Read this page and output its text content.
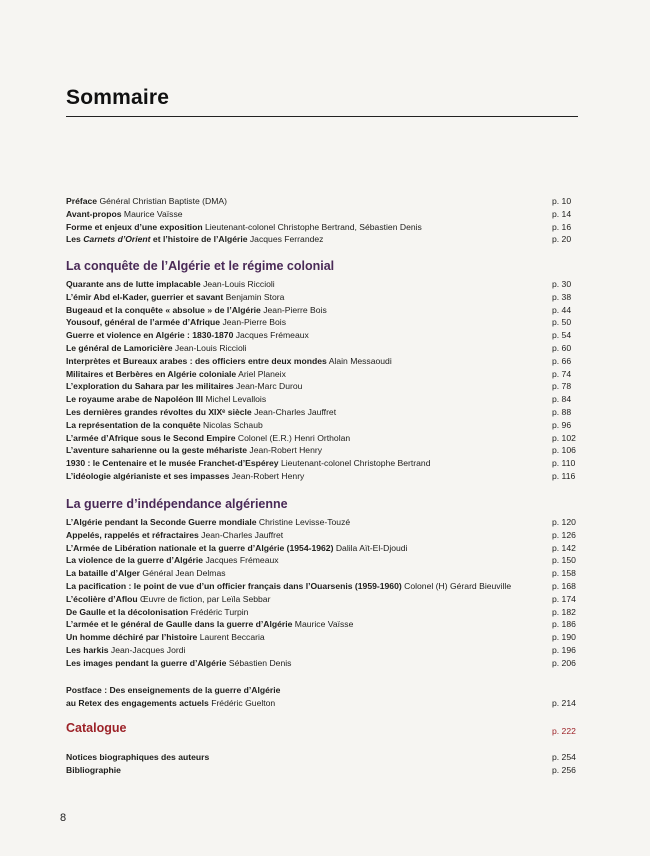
Sommaire
Préface Général Christian Baptiste (DMA)	p. 10
Avant-propos Maurice Vaïsse	p. 14
Forme et enjeux d’une exposition Lieutenant-colonel Christophe Bertrand, Sébastien Denis	p. 16
Les Carnets d’Orient et l’histoire de l’Algérie Jacques Ferrandez	p. 20
La conquête de l’Algérie et le régime colonial
Quarante ans de lutte implacable Jean-Louis Riccioli	p. 30
L’émir Abd el-Kader, guerrier et savant Benjamin Stora	p. 38
Bugeaud et la conquête « absolue » de l’Algérie Jean-Pierre Bois	p. 44
Yousouf, général de l’armée d’Afrique Jean-Pierre Bois	p. 50
Guerre et violence en Algérie : 1830-1870 Jacques Frémeaux	p. 54
Le général de Lamoricière Jean-Louis Riccioli	p. 60
Interprètes et Bureaux arabes : des officiers entre deux mondes Alain Messaoudi	p. 66
Militaires et Berbères en Algérie coloniale Ariel Planeix	p. 74
L’exploration du Sahara par les militaires Jean-Marc Durou	p. 78
Le royaume arabe de Napoléon III Michel Levallois	p. 84
Les dernières grandes révoltes du XIXᵉ siècle Jean-Charles Jauffret	p. 88
La représentation de la conquête Nicolas Schaub	p. 96
L’armée d’Afrique sous le Second Empire Colonel (E.R.) Henri Ortholan	p. 102
L’aventure saharienne ou la geste méhariste Jean-Robert Henry	p. 106
1930 : le Centenaire et le musée Franchet-d’Espérey Lieutenant-colonel Christophe Bertrand	p. 110
L’idéologie algérianiste et ses impasses Jean-Robert Henry	p. 116
La guerre d’indépendance algérienne
L’Algérie pendant la Seconde Guerre mondiale Christine Levisse-Touzé	p. 120
Appelés, rappelés et réfractaires Jean-Charles Jauffret	p. 126
L’Armée de Libération nationale et la guerre d’Algérie (1954-1962) Dalila Aït-El-Djoudi	p. 142
La violence de la guerre d’Algérie Jacques Frémeaux	p. 150
La bataille d’Alger Général Jean Delmas	p. 158
La pacification : le point de vue d’un officier français dans l’Ouarsenis (1959-1960) Colonel (H) Gérard Bieuville	p. 168
L’écolière d’Aflou Œuvre de fiction, par Leïla Sebbar	p. 174
De Gaulle et la décolonisation Frédéric Turpin	p. 182
L’armée et le général de Gaulle dans la guerre d’Algérie Maurice Vaïsse	p. 186
Un homme déchiré par l’histoire Laurent Beccaria	p. 190
Les harkis Jean-Jacques Jordi	p. 196
Les images pendant la guerre d’Algérie Sébastien Denis	p. 206
Postface : Des enseignements de la guerre d’Algérie
au Retex des engagements actuels Frédéric Guelton	p. 214
Catalogue	p. 222
Notices biographiques des auteurs	p. 254
Bibliographie	p. 256
8
